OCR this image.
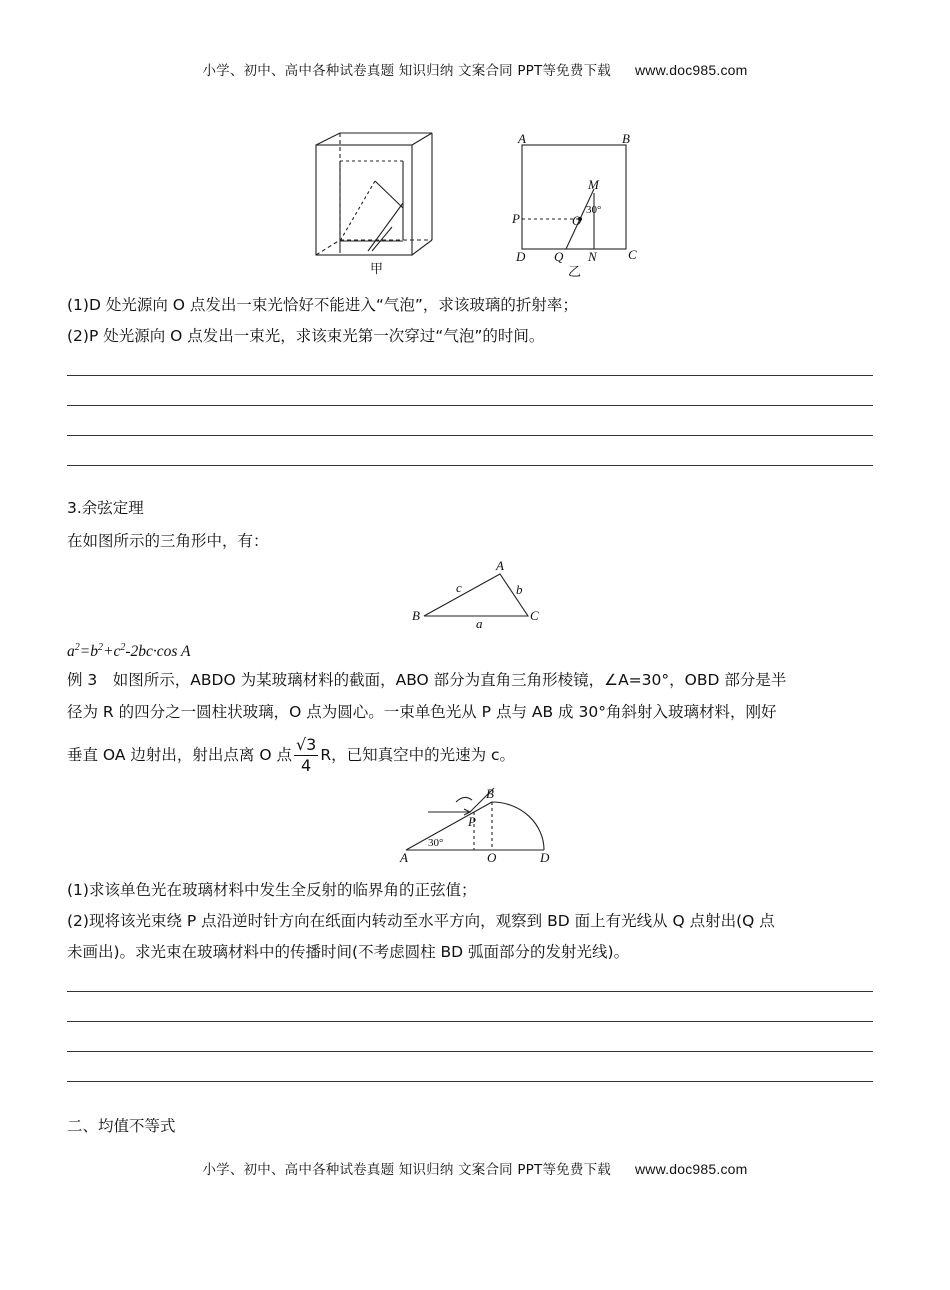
小学、初中、高中各种试卷真题 知识归纳 文案合同 PPT等免费下载 www.doc985.com
甲
A	B
C
D
M
O
P
Q N
30°
乙
(1)D 处光源向 O 点发出一束光恰好不能进入“气泡”，求该玻璃的折射率；
(2)P 处光源向 O 点发出一束光，求该束光第一次穿过“气泡”的时间。
3.余弦定理
在如图所示的三角形中，有：
A
B	C
c	b
a
$a^2=b^2+c^2-2bc\cdot\cos$ A
例 3　如图所示，ABDO 为某玻璃材料的截面，ABO 部分为直角三角形棱镜，∠A=30°，OBD 部分是半
径为 R 的四分之一圆柱状玻璃，O 点为圆心。一束单色光从 P 点与 AB 成 30°角斜射入玻璃材料，刚好
垂直 OA 边射出，射出点离 O 点 $\frac{√3}{4}$ R，已知真空中的光速为 c。
A
B
O	D
P
30°
(1)求该单色光在玻璃材料中发生全反射的临界角的正弦值；
(2)现将该光束绕 P 点沿逆时针方向在纸面内转动至水平方向，观察到 BD 面上有光线从 Q 点射出(Q 点
未画出)。求光束在玻璃材料中的传播时间(不考虑圆柱 BD 弧面部分的发射光线)。
二、均值不等式
小学、初中、高中各种试卷真题 知识归纳 文案合同 PPT等免费下载 www.doc985.com
